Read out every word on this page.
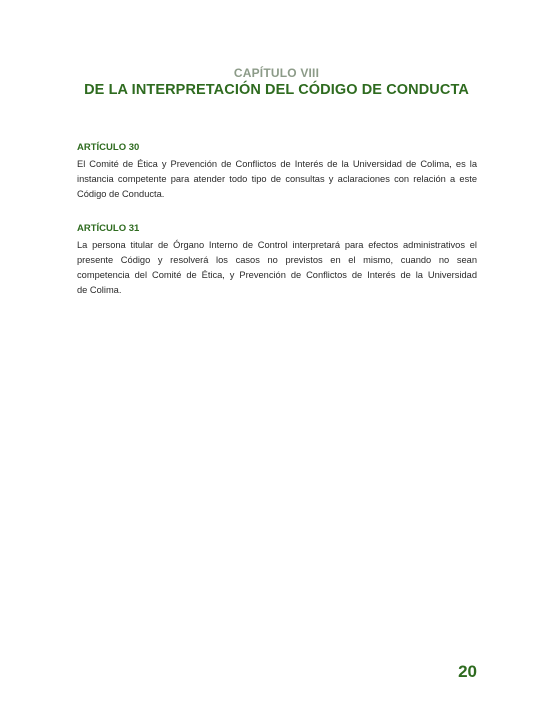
CAPÍTULO VIII
DE LA INTERPRETACIÓN DEL CÓDIGO DE CONDUCTA
ARTÍCULO 30
El Comité de Ética y Prevención de Conflictos de Interés de la Universidad de Colima, es la
instancia competente para atender todo tipo de consultas y aclaraciones con relación a este
Código de Conducta.
ARTÍCULO 31
La persona titular de Órgano Interno de Control interpretará para efectos administrativos el
presente Código y resolverá los casos no previstos en el mismo, cuando no sean
competencia del Comité de Ética, y Prevención de Conflictos de Interés de la Universidad
de Colima.
20
